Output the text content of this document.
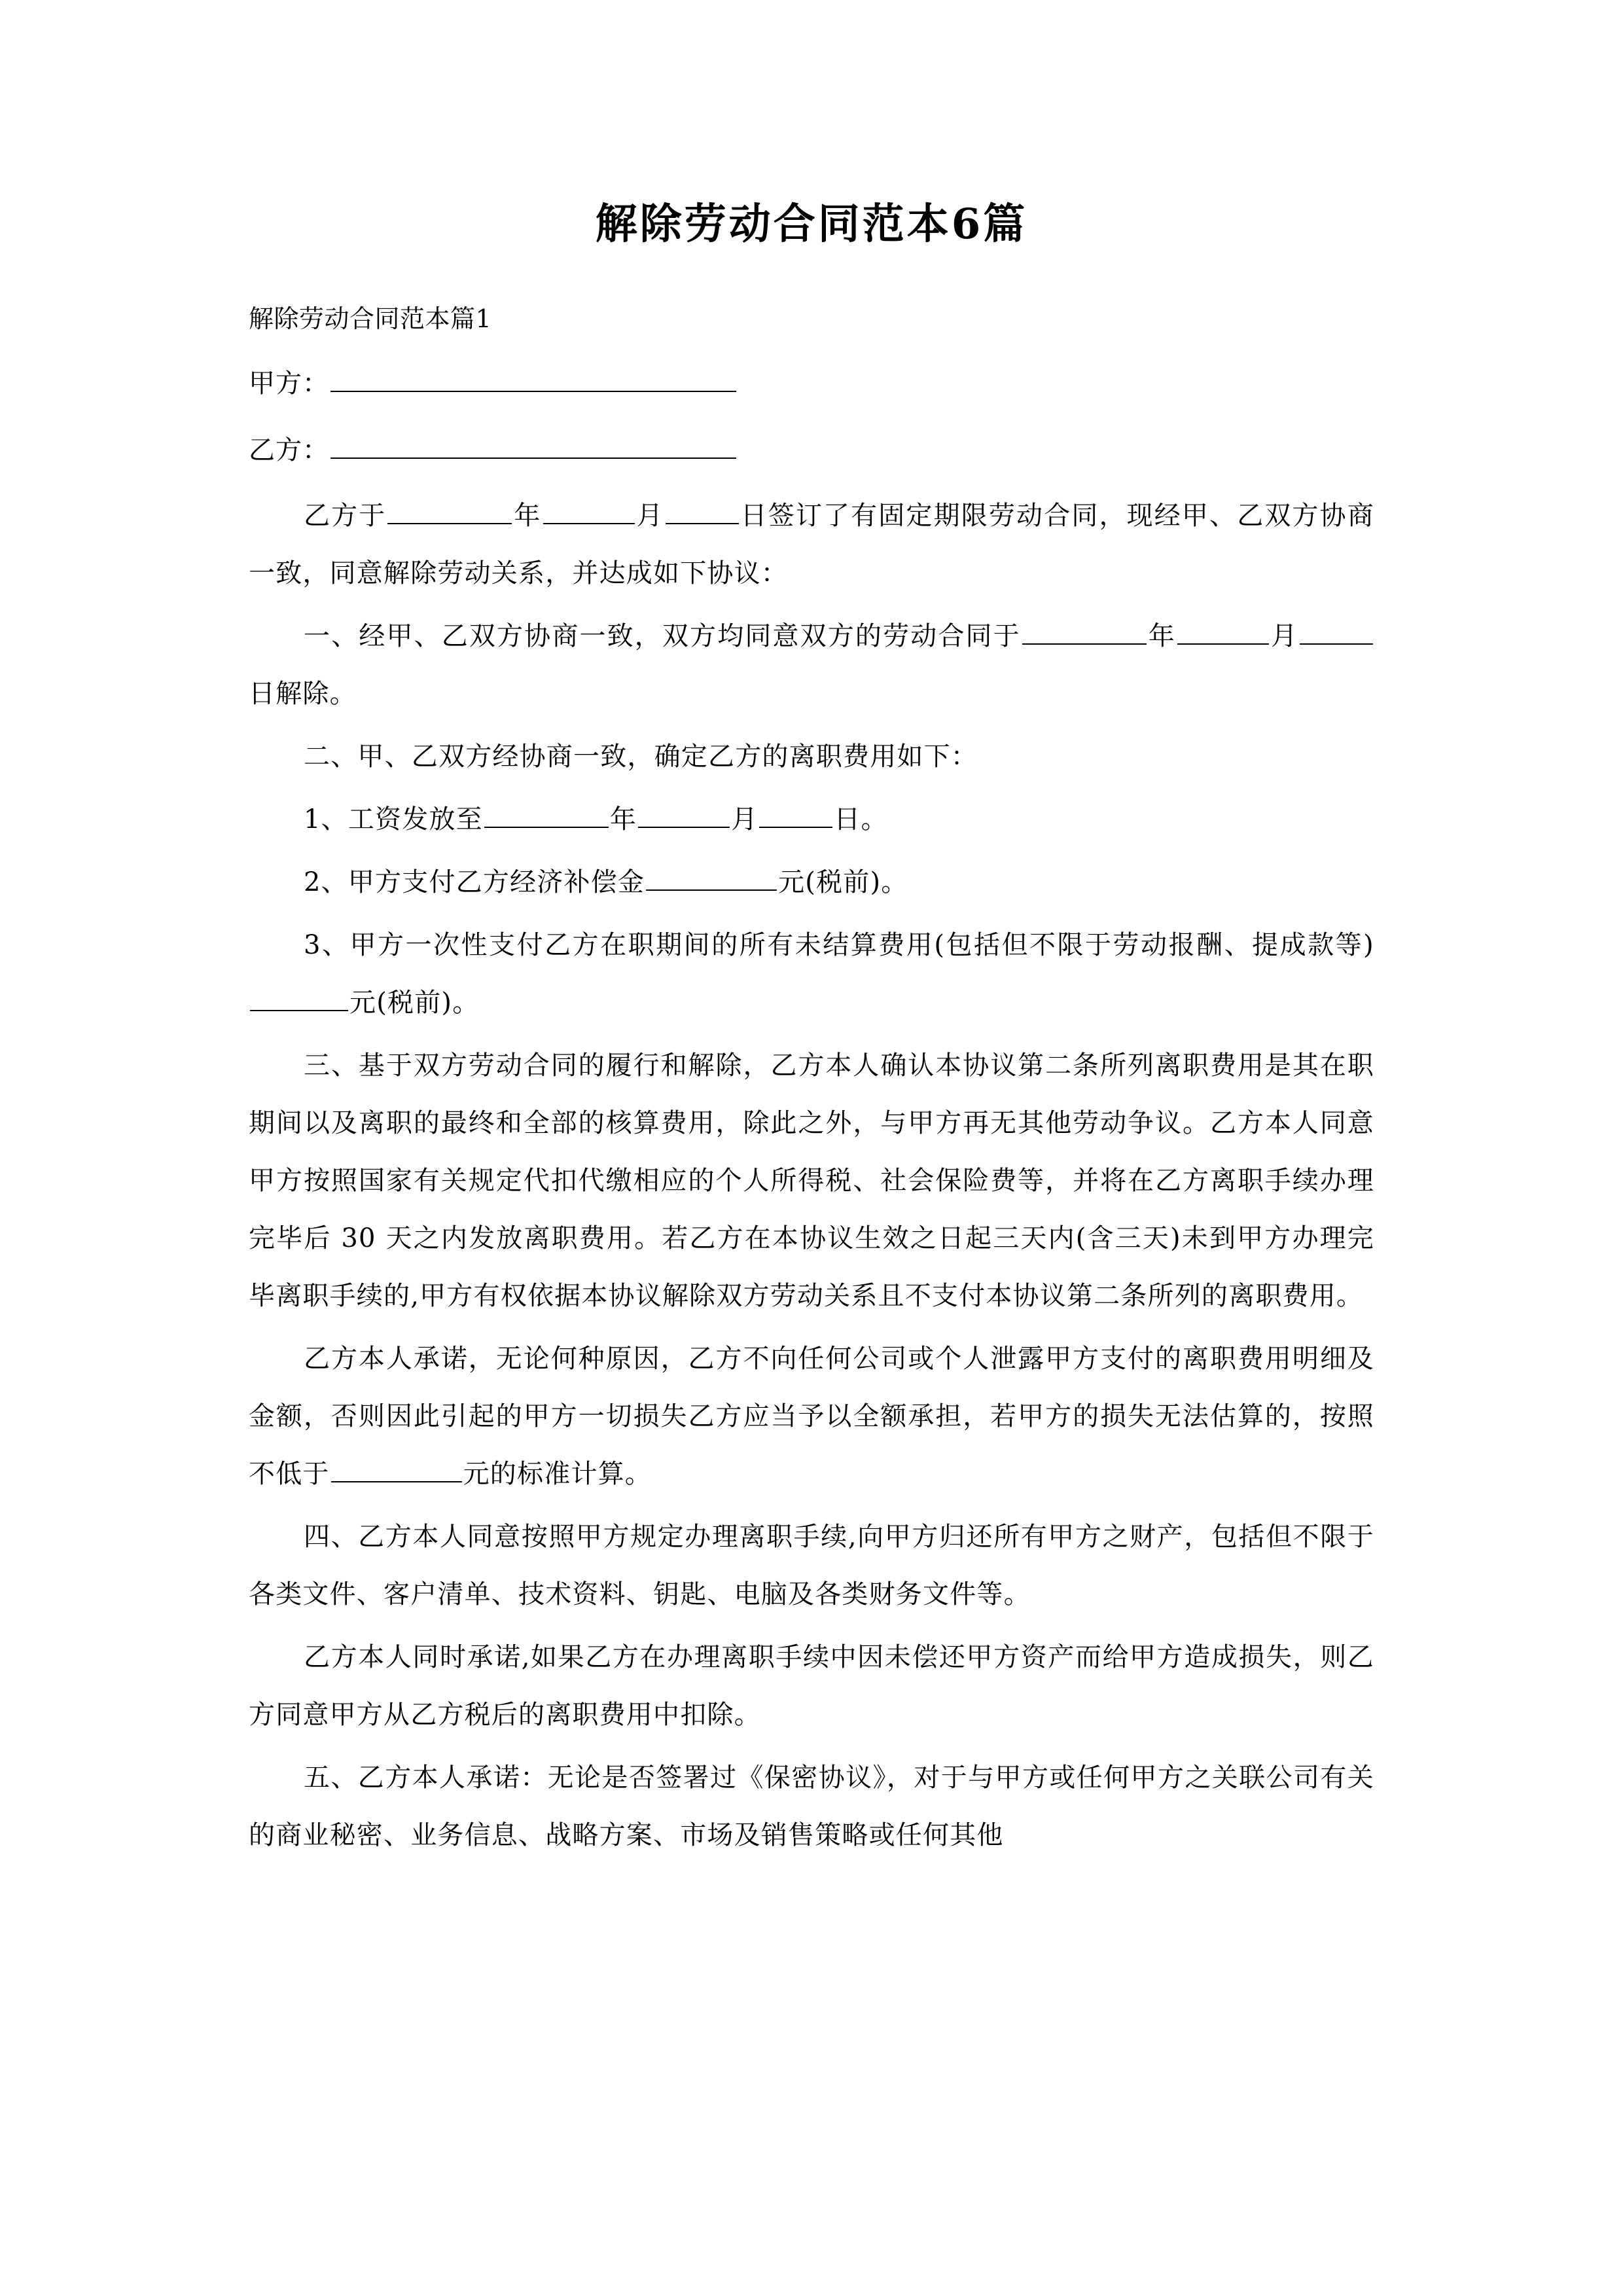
解除劳动合同范本6篇

解除劳动合同范本篇1

甲方：

乙方：

乙方于	年	月	日签订了有固定期限劳动合同，现经甲、乙双方协商一致，同意解除劳动关系，并达成如下协议：

一、经甲、乙双方协商一致，双方均同意双方的劳动合同于	年	月日解除。

二、甲、乙双方经协商一致，确定乙方的离职费用如下：

1、工资发放至	年	月	日。

2、甲方支付乙方经济补偿金	元(税前)。

3、甲方一次性支付乙方在职期间的所有未结算费用(包括但不限于劳动报酬、提成款等)元(税前)。

三、基于双方劳动合同的履行和解除，乙方本人确认本协议第二条所列离职费用是其在职期间以及离职的最终和全部的核算费用，除此之外，与甲方再无其他劳动争议。乙方本人同意甲方按照国家有关规定代扣代缴相应的个人所得税、社会保险费等，并将在乙方离职手续办理完毕后 30 天之内发放离职费用。若乙方在本协议生效之日起三天内(含三天)未到甲方办理完毕离职手续的,甲方有权依据本协议解除双方劳动关系且不支付本协议第二条所列的离职费用。

乙方本人承诺，无论何种原因，乙方不向任何公司或个人泄露甲方支付的离职费用明细及金额，否则因此引起的甲方一切损失乙方应当予以全额承担，若甲方的损失无法估算的，按照不低于	元的标准计算。

四、乙方本人同意按照甲方规定办理离职手续,向甲方归还所有甲方之财产，包括但不限于各类文件、客户清单、技术资料、钥匙、电脑及各类财务文件等。

乙方本人同时承诺,如果乙方在办理离职手续中因未偿还甲方资产而给甲方造成损失，则乙方同意甲方从乙方税后的离职费用中扣除。

五、乙方本人承诺：无论是否签署过《保密协议》，对于与甲方或任何甲方之关联公司有关的商业秘密、业务信息、战略方案、市场及销售策略或任何其他
